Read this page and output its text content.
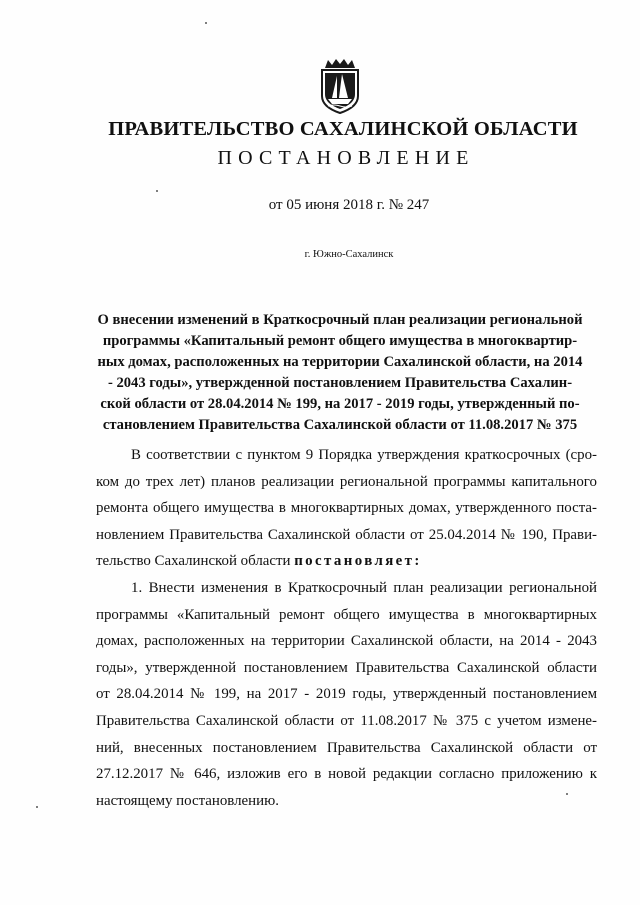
ПРАВИТЕЛЬСТВО САХАЛИНСКОЙ ОБЛАСТИ
ПОСТАНОВЛЕНИЕ
от 05 июня 2018 г. № 247
г. Южно-Сахалинск
О внесении изменений в Краткосрочный план реализации региональной
программы «Капитальный ремонт общего имущества в многоквартир-
ных домах, расположенных на территории Сахалинской области, на 2014
- 2043 годы», утвержденной постановлением Правительства Сахалин-
ской области от 28.04.2014 № 199, на 2017 - 2019 годы, утвержденный по-
становлением Правительства Сахалинской области от 11.08.2017 № 375
В соответствии с пунктом 9 Порядка утверждения краткосрочных (сро-
ком до трех лет) планов реализации региональной программы капитального
ремонта общего имущества в многоквартирных домах, утвержденного поста-
новлением Правительства Сахалинской области от 25.04.2014 № 190, Прави-
тельство Сахалинской области постановляет:
1. Внести изменения в Краткосрочный план реализации региональной
программы «Капитальный ремонт общего имущества в многоквартирных
домах, расположенных на территории Сахалинской области, на 2014 - 2043
годы», утвержденной постановлением Правительства Сахалинской области
от 28.04.2014 № 199, на 2017 - 2019 годы, утвержденный постановлением
Правительства Сахалинской области от 11.08.2017 № 375 с учетом измене-
ний, внесенных постановлением Правительства Сахалинской области от
27.12.2017 № 646, изложив его в новой редакции согласно приложению к
настоящему постановлению.
